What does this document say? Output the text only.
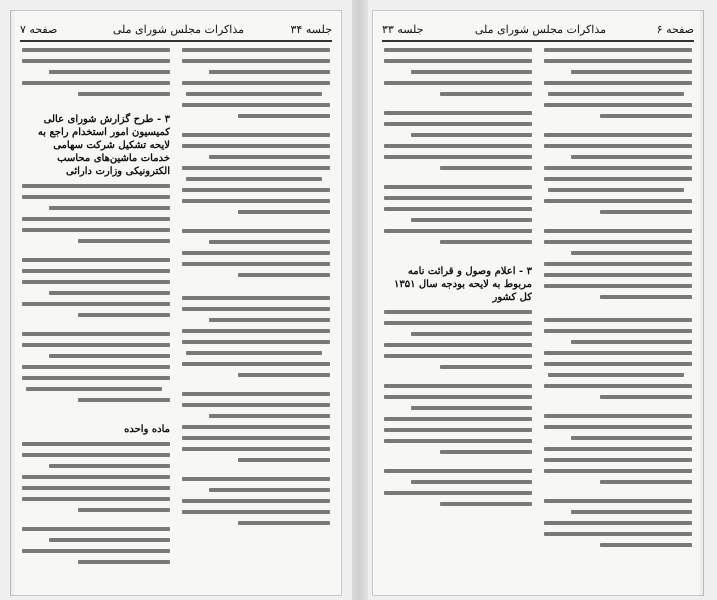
صفحه ۷	مذاکرات مجلس شورای ملی	جلسه ۳۴
۳ - طرح گزارش شورای عالی کمیسیون امور استخدام راجع به لایحه تشکیل شرکت سهامی خدمات ماشین‌های محاسب الکترونیکی وزارت دارائی
ماده واحده
جلسه ۳۳	مذاکرات مجلس شورای ملی	صفحه ۶
۳ - اعلام وصول و قرائت نامه مربوط به لایحه بودجه سال ۱۳۵۱ کل کشور
